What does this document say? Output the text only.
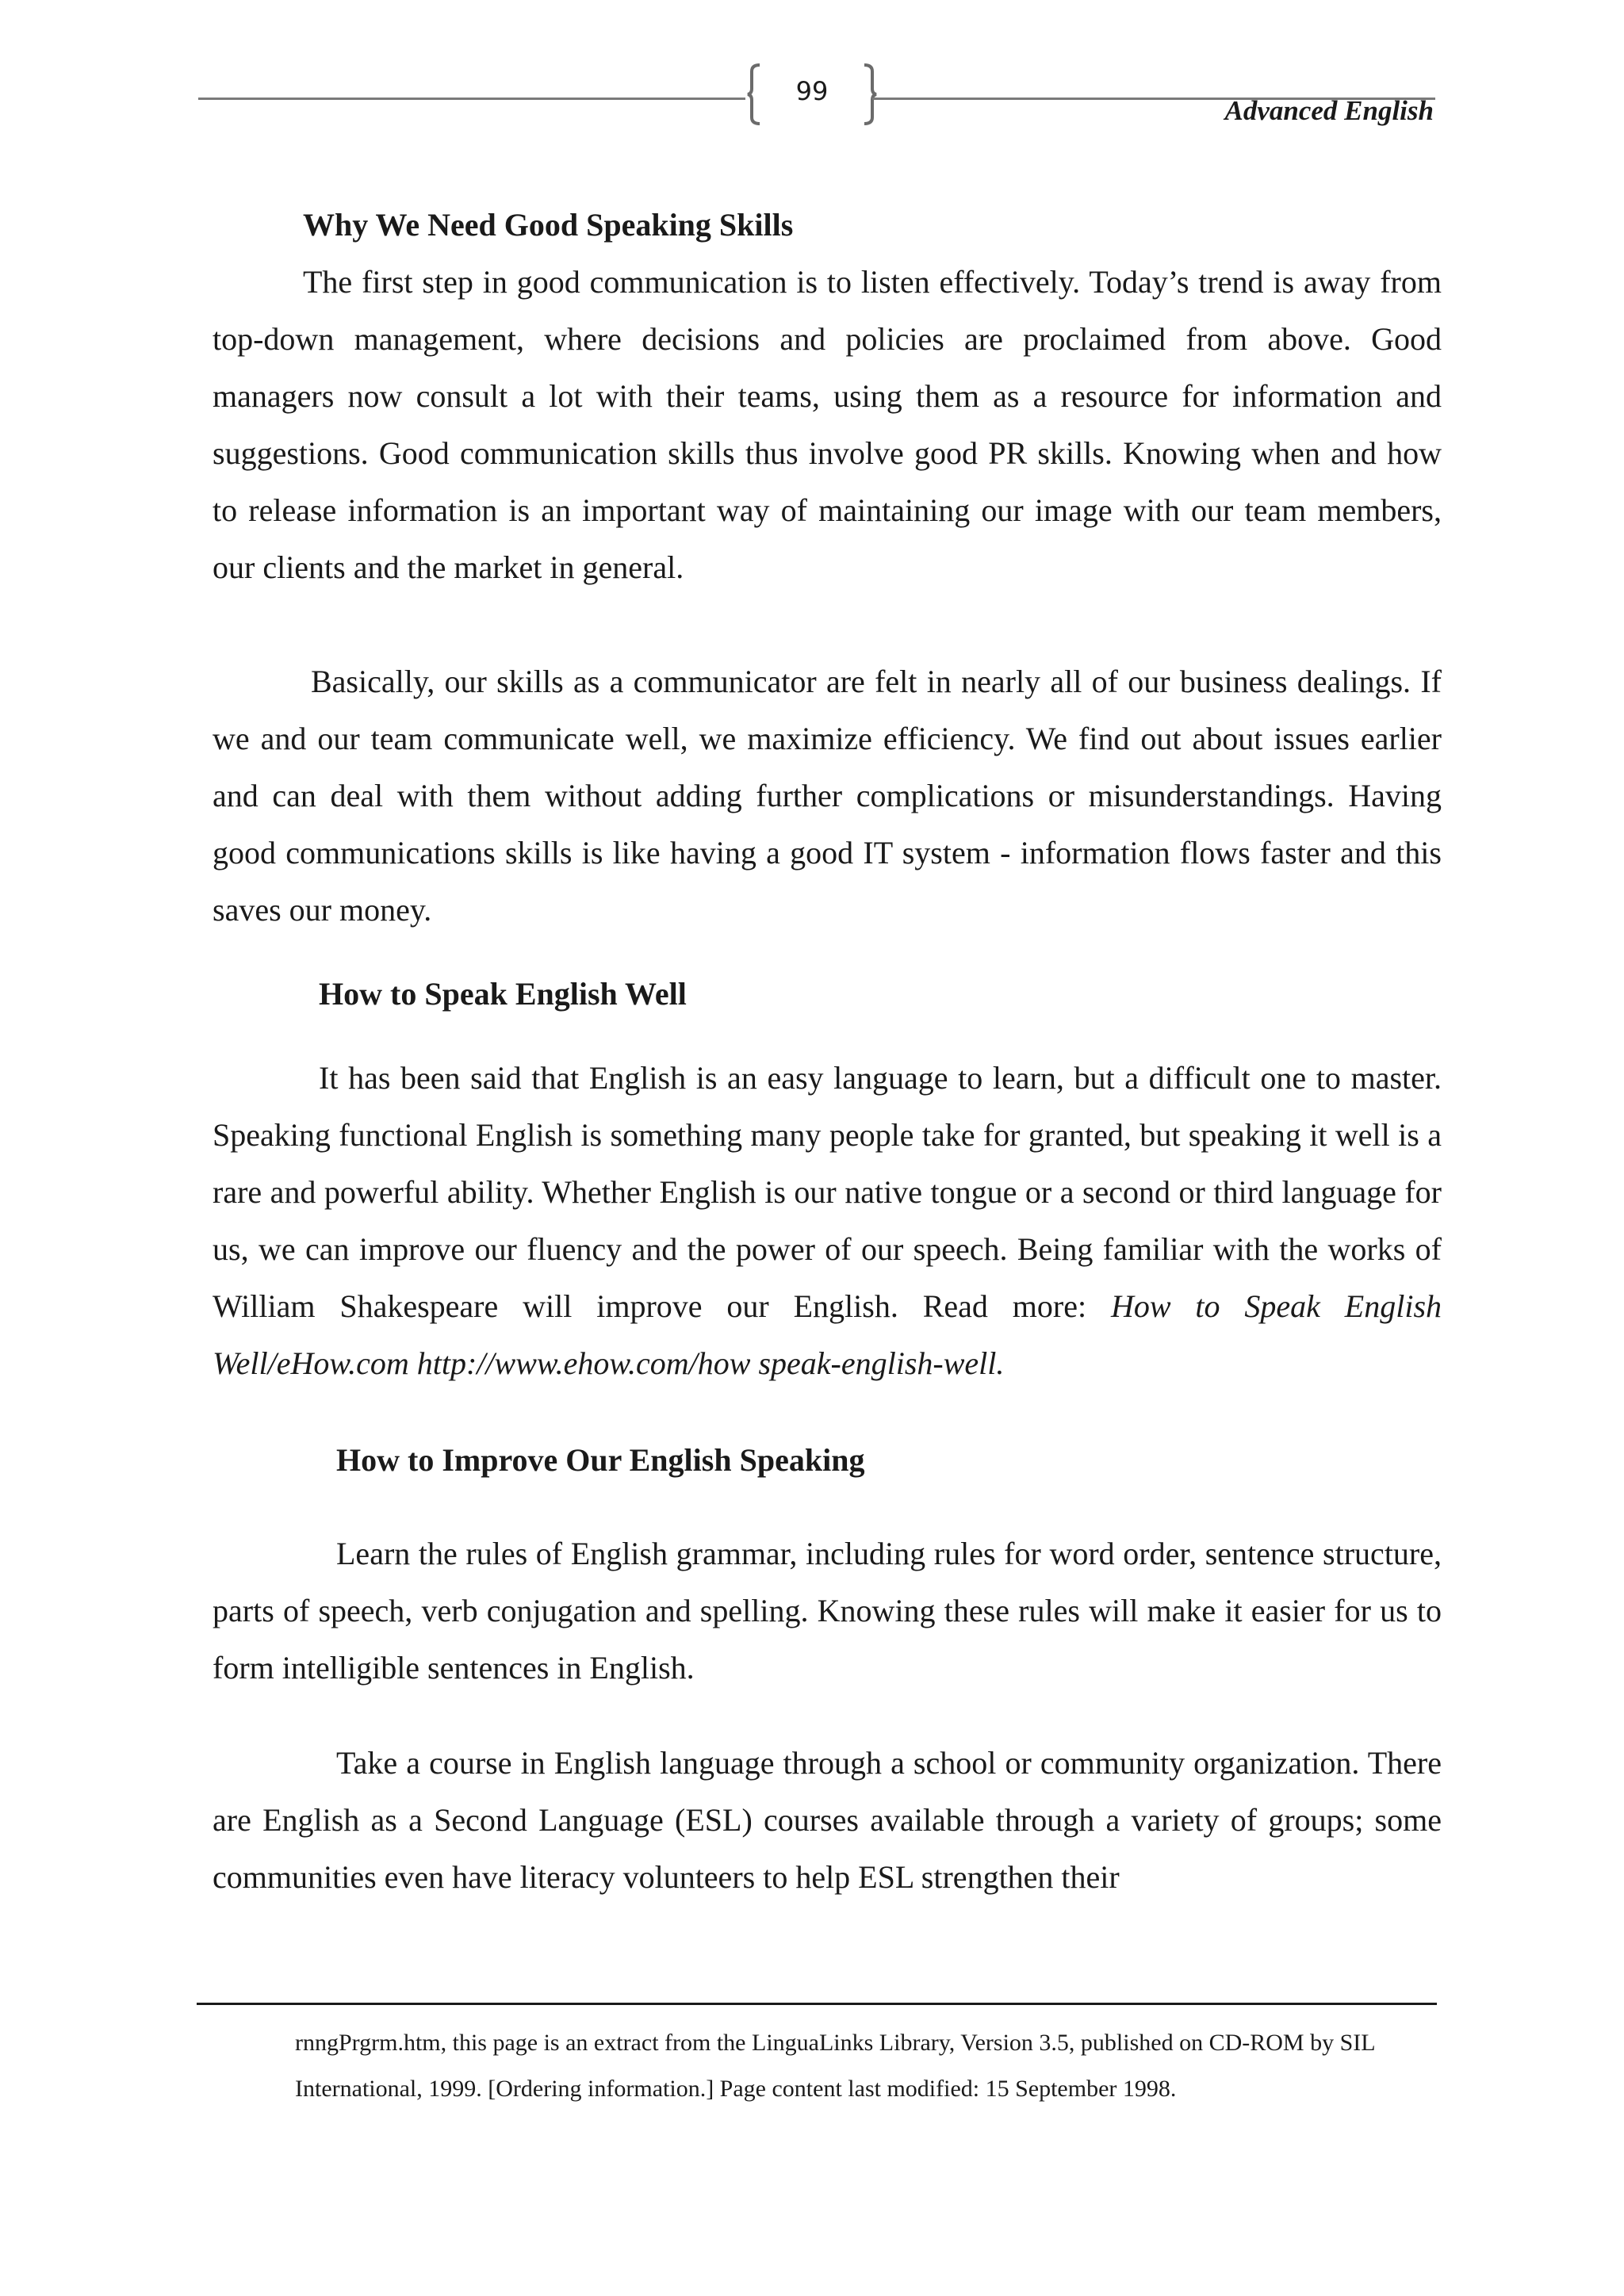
99
Advanced English

Why We Need Good Speaking Skills

The first step in good communication is to listen effectively. Today’s trend is away from top-down management, where decisions and policies are proclaimed from above. Good managers now consult a lot with their teams, using them as a resource for information and suggestions. Good communication skills thus involve good PR skills. Knowing when and how to release information is an important way of maintaining our image with our team members, our clients and the market in general.

Basically, our skills as a communicator are felt in nearly all of our business dealings. If we and our team communicate well, we maximize efficiency. We find out about issues earlier and can deal with them without adding further complications or misunderstandings. Having good communications skills is like having a good IT system - information flows faster and this saves our money.

How to Speak English Well

It has been said that English is an easy language to learn, but a difficult one to master. Speaking functional English is something many people take for granted, but speaking it well is a rare and powerful ability. Whether English is our native tongue or a second or third language for us, we can improve our fluency and the power of our speech. Being familiar with the works of William Shakespeare will improve our English. Read more: How to Speak English Well/eHow.com http://www.ehow.com/how speak-english-well.

How to Improve Our English Speaking

Learn the rules of English grammar, including rules for word order, sentence structure, parts of speech, verb conjugation and spelling. Knowing these rules will make it easier for us to form intelligible sentences in English.

Take a course in English language through a school or community organization. There are English as a Second Language (ESL) courses available through a variety of groups; some communities even have literacy volunteers to help ESL strengthen their

rnngPrgrm.htm, this page is an extract from the LinguaLinks Library, Version 3.5, published on CD-ROM by SIL International, 1999. [Ordering information.] Page content last modified: 15 September 1998.
